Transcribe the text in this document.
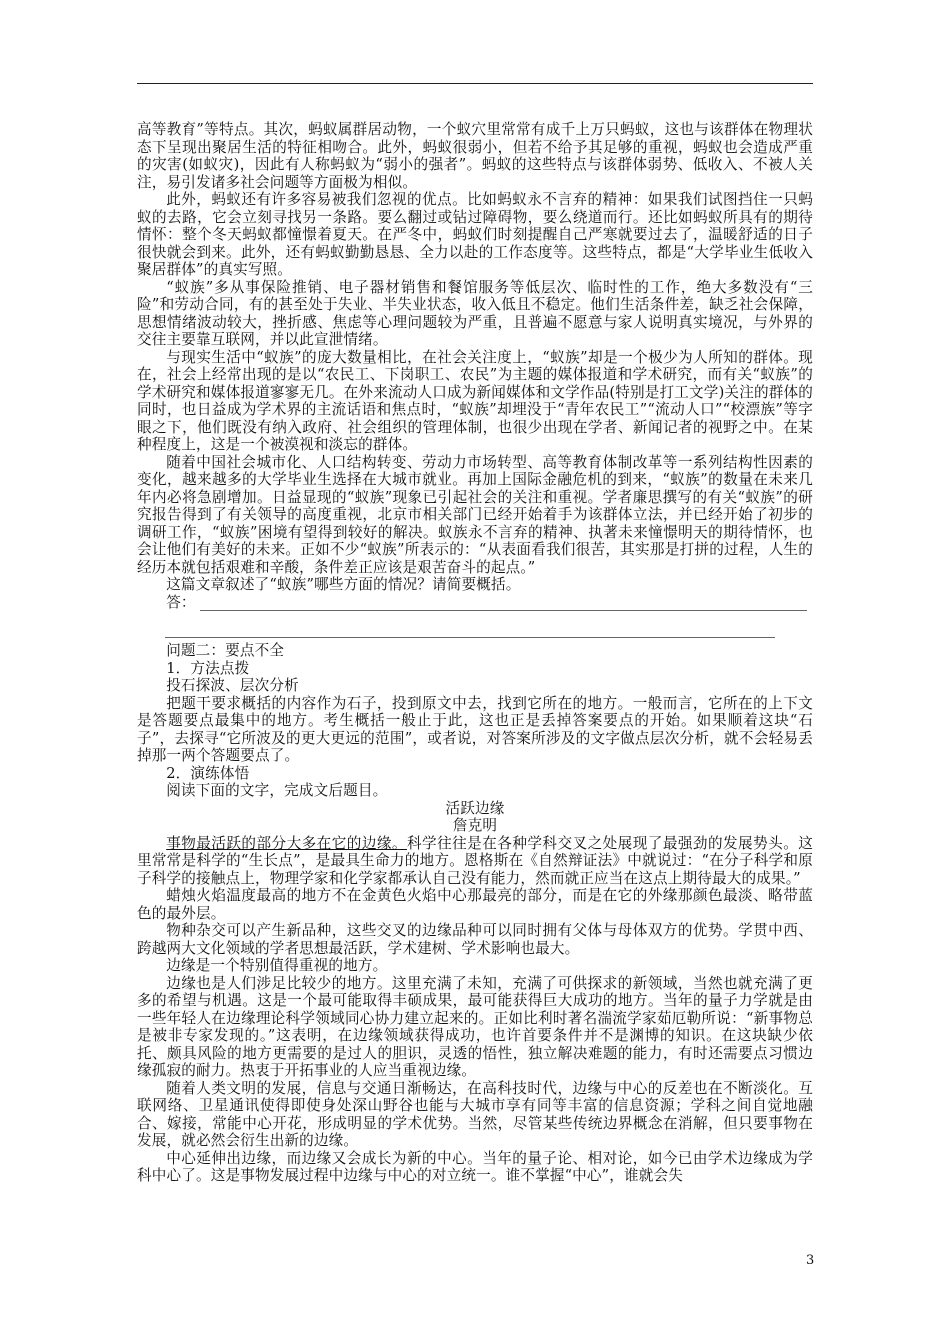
高等教育”等特点。其次，蚂蚁属群居动物，一个蚁穴里常常有成千上万只蚂蚁，这也与该群体在物理状态下呈现出聚居生活的特征相吻合。此外，蚂蚁很弱小，但若不给予其足够的重视，蚂蚁也会造成严重的灾害(如蚁灾)，因此有人称蚂蚁为“弱小的强者”。蚂蚁的这些特点与该群体弱势、低收入、不被人关注，易引发诸多社会问题等方面极为相似。

此外，蚂蚁还有许多容易被我们忽视的优点。比如蚂蚁永不言弃的精神：如果我们试图挡住一只蚂蚁的去路，它会立刻寻找另一条路。要么翻过或钻过障碍物，要么绕道而行。还比如蚂蚁所具有的期待情怀：整个冬天蚂蚁都憧憬着夏天。在严冬中，蚂蚁们时刻提醒自己严寒就要过去了，温暖舒适的日子很快就会到来。此外，还有蚂蚁勤勤恳恳、全力以赴的工作态度等。这些特点，都是“大学毕业生低收入聚居群体”的真实写照。

“蚁族”多从事保险推销、电子器材销售和餐馆服务等低层次、临时性的工作，绝大多数没有“三险”和劳动合同，有的甚至处于失业、半失业状态，收入低且不稳定。他们生活条件差，缺乏社会保障，思想情绪波动较大，挫折感、焦虑等心理问题较为严重，且普遍不愿意与家人说明真实境况，与外界的交往主要靠互联网，并以此宣泄情绪。

与现实生活中“蚁族”的庞大数量相比，在社会关注度上，“蚁族”却是一个极少为人所知的群体。现在，社会上经常出现的是以“农民工、下岗职工、农民”为主题的媒体报道和学术研究，而有关“蚁族”的学术研究和媒体报道寥寥无几。在外来流动人口成为新闻媒体和文学作品(特别是打工文学)关注的群体的同时，也日益成为学术界的主流话语和焦点时，“蚁族”却埋没于“青年农民工”“流动人口”“校漂族”等字眼之下，他们既没有纳入政府、社会组织的管理体制，也很少出现在学者、新闻记者的视野之中。在某种程度上，这是一个被漠视和淡忘的群体。

随着中国社会城市化、人口结构转变、劳动力市场转型、高等教育体制改革等一系列结构性因素的变化，越来越多的大学毕业生选择在大城市就业。再加上国际金融危机的到来，“蚁族”的数量在未来几年内必将急剧增加。日益显现的“蚁族”现象已引起社会的关注和重视。学者廉思撰写的有关“蚁族”的研究报告得到了有关领导的高度重视，北京市相关部门已经开始着手为该群体立法，并已经开始了初步的调研工作，“蚁族”困境有望得到较好的解决。蚁族永不言弃的精神、执著未来憧憬明天的期待情怀，也会让他们有美好的未来。正如不少“蚁族”所表示的：“从表面看我们很苦，其实那是打拼的过程，人生的经历本就包括艰难和辛酸，条件差正应该是艰苦奋斗的起点。”

这篇文章叙述了“蚁族”哪些方面的情况？请简要概括。

答：

问题二：要点不全

1．方法点拨

投石探波、层次分析

把题干要求概括的内容作为石子，投到原文中去，找到它所在的地方。一般而言，它所在的上下文是答题要点最集中的地方。考生概括一般止于此，这也正是丢掉答案要点的开始。如果顺着这块“石子”，去探寻“它所波及的更大更远的范围”，或者说，对答案所涉及的文字做点层次分析，就不会轻易丢掉那一两个答题要点了。

2．演练体悟

阅读下面的文字，完成文后题目。

活跃边缘

詹克明

事物最活跃的部分大多在它的边缘。科学往往是在各种学科交叉之处展现了最强劲的发展势头。这里常常是科学的“生长点”，是最具生命力的地方。恩格斯在《自然辩证法》中就说过：“在分子科学和原子科学的接触点上，物理学家和化学家都承认自己没有能力，然而就正应当在这点上期待最大的成果。”

蜡烛火焰温度最高的地方不在金黄色火焰中心那最亮的部分，而是在它的外缘那颜色最淡、略带蓝色的最外层。

物种杂交可以产生新品种，这些交叉的边缘品种可以同时拥有父体与母体双方的优势。学贯中西、跨越两大文化领域的学者思想最活跃，学术建树、学术影响也最大。

边缘是一个特别值得重视的地方。

边缘也是人们涉足比较少的地方。这里充满了未知，充满了可供探求的新领域，当然也就充满了更多的希望与机遇。这是一个最可能取得丰硕成果，最可能获得巨大成功的地方。当年的量子力学就是由一些年轻人在边缘理论科学领域同心协力建立起来的。正如比利时著名湍流学家茹厄勒所说：“新事物总是被非专家发现的。”这表明，在边缘领域获得成功，也许首要条件并不是渊博的知识。在这块缺少依托、颇具风险的地方更需要的是过人的胆识，灵透的悟性，独立解决难题的能力，有时还需要点习惯边缘孤寂的耐力。热衷于开拓事业的人应当重视边缘。

随着人类文明的发展，信息与交通日渐畅达，在高科技时代，边缘与中心的反差也在不断淡化。互联网络、卫星通讯使得即使身处深山野谷也能与大城市享有同等丰富的信息资源；学科之间自觉地融合、嫁接，常能中心开花，形成明显的学术优势。当然，尽管某些传统边界概念在消解，但只要事物在发展，就必然会衍生出新的边缘。

中心延伸出边缘，而边缘又会成长为新的中心。当年的量子论、相对论，如今已由学术边缘成为学科中心了。这是事物发展过程中边缘与中心的对立统一。谁不掌握“中心”，谁就会失

3
